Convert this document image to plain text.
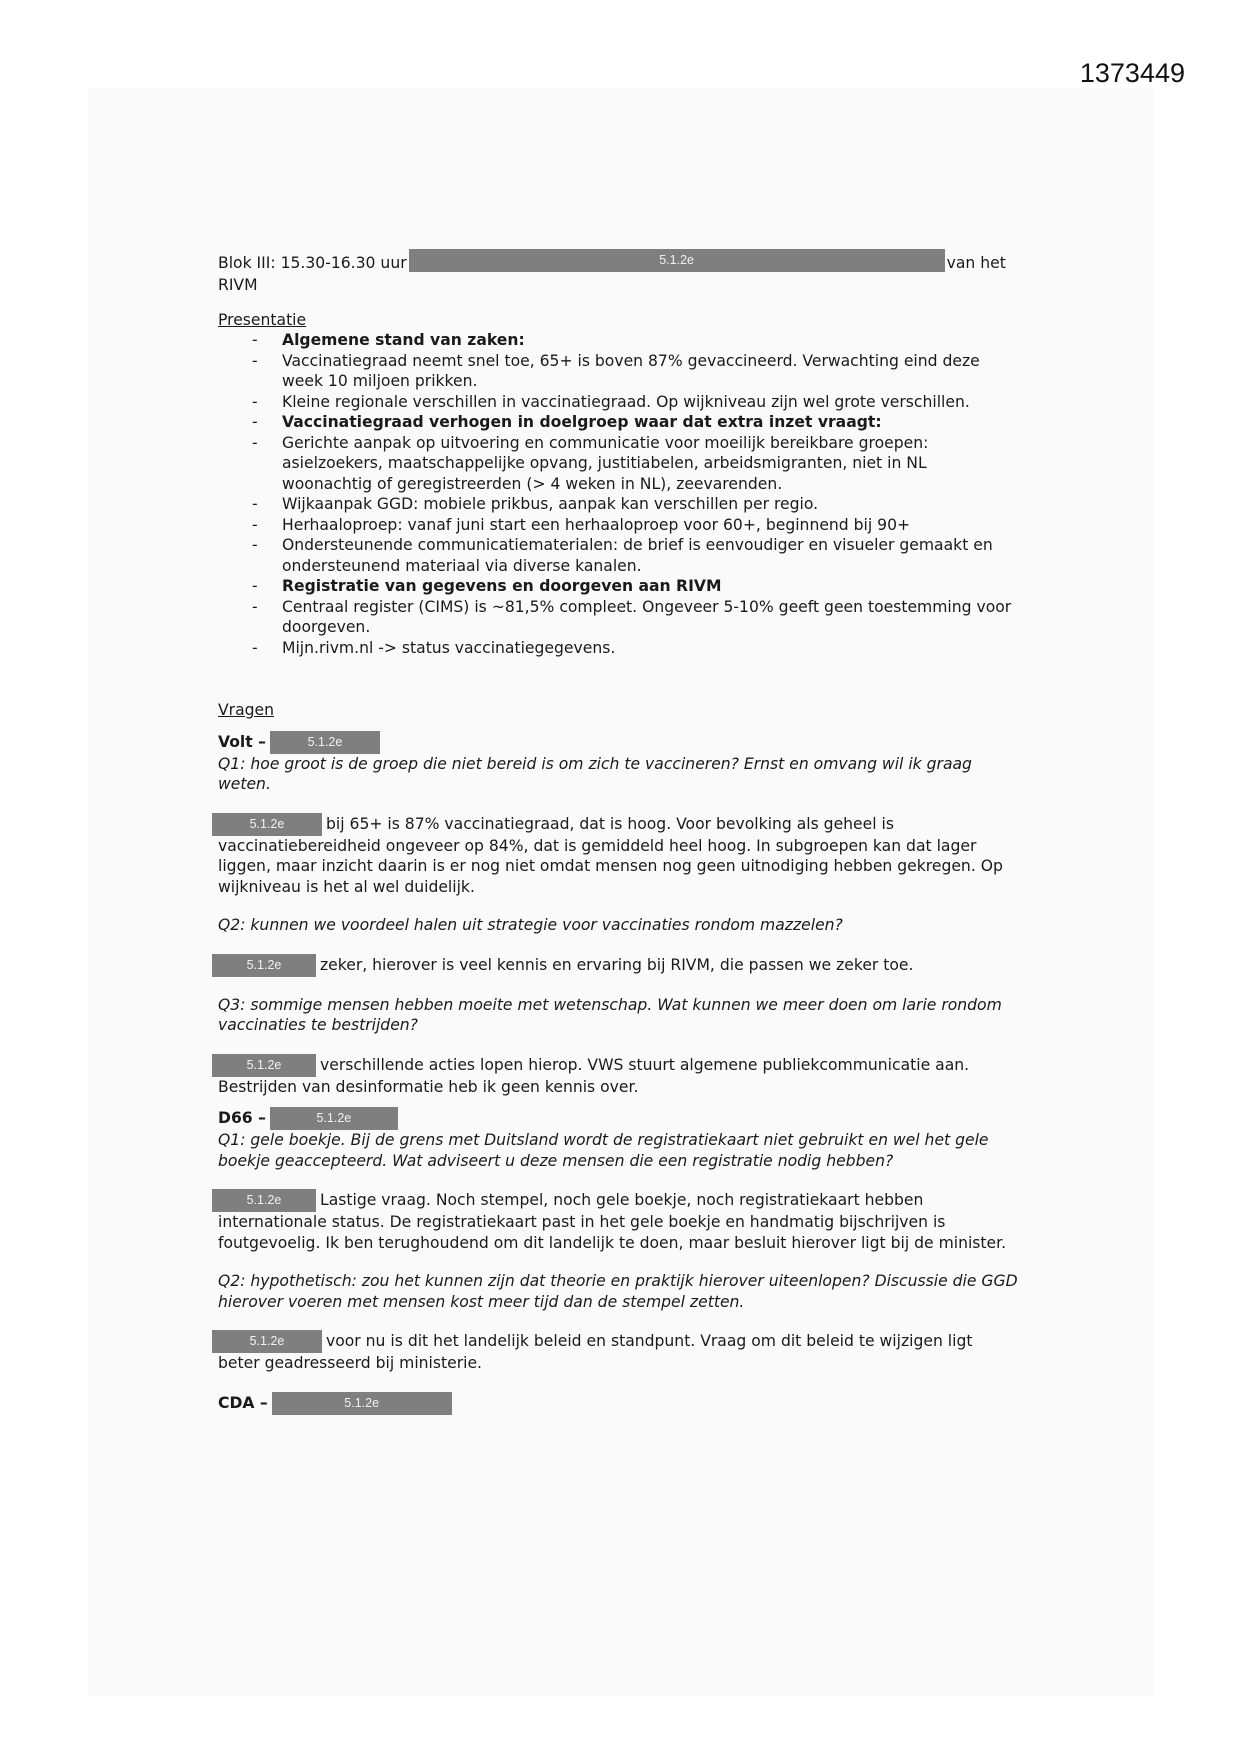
1373449

Blok III: 15.30-16.30 uur	5.1.2e	van het RIVM

Presentatie

- Algemene stand van zaken:
- Vaccinatiegraad neemt snel toe, 65+ is boven 87% gevaccineerd. Verwachting eind deze week 10 miljoen prikken.
- Kleine regionale verschillen in vaccinatiegraad. Op wijkniveau zijn wel grote verschillen.
- Vaccinatiegraad verhogen in doelgroep waar dat extra inzet vraagt:
- Gerichte aanpak op uitvoering en communicatie voor moeilijk bereikbare groepen: asielzoekers, maatschappelijke opvang, justitiabelen, arbeidsmigranten, niet in NL woonachtig of geregistreerden (> 4 weken in NL), zeevarenden.
- Wijkaanpak GGD: mobiele prikbus, aanpak kan verschillen per regio.
- Herhaaloproep: vanaf juni start een herhaaloproep voor 60+, beginnend bij 90+
- Ondersteunende communicatiematerialen: de brief is eenvoudiger en visueler gemaakt en ondersteunend materiaal via diverse kanalen.
- Registratie van gegevens en doorgeven aan RIVM
- Centraal register (CIMS) is ~81,5% compleet. Ongeveer 5-10% geeft geen toestemming voor doorgeven.
- Mijn.rivm.nl -> status vaccinatiegegevens.

Vragen

Volt –	5.1.2e

Q1: hoe groot is de groep die niet bereid is om zich te vaccineren? Ernst en omvang wil ik graag weten.

5.1.2e	bij 65+ is 87% vaccinatiegraad, dat is hoog. Voor bevolking als geheel is vaccinatiebereidheid ongeveer op 84%, dat is gemiddeld heel hoog. In subgroepen kan dat lager liggen, maar inzicht daarin is er nog niet omdat mensen nog geen uitnodiging hebben gekregen. Op wijkniveau is het al wel duidelijk.

Q2: kunnen we voordeel halen uit strategie voor vaccinaties rondom mazzelen?

5.1.2e zeker, hierover is veel kennis en ervaring bij RIVM, die passen we zeker toe.

Q3: sommige mensen hebben moeite met wetenschap. Wat kunnen we meer doen om larie rondom vaccinaties te bestrijden?

5.1.2e verschillende acties lopen hierop. VWS stuurt algemene publiekcommunicatie aan. Bestrijden van desinformatie heb ik geen kennis over.

D66 –	5.1.2e

Q1: gele boekje. Bij de grens met Duitsland wordt de registratiekaart niet gebruikt en wel het gele boekje geaccepteerd. Wat adviseert u deze mensen die een registratie nodig hebben?

5.1.2e Lastige vraag. Noch stempel, noch gele boekje, noch registratiekaart hebben internationale status. De registratiekaart past in het gele boekje en handmatig bijschrijven is foutgevoelig. Ik ben terughoudend om dit landelijk te doen, maar besluit hierover ligt bij de minister.

Q2: hypothetisch: zou het kunnen zijn dat theorie en praktijk hierover uiteenlopen? Discussie die GGD hierover voeren met mensen kost meer tijd dan de stempel zetten.

5.1.2e	voor nu is dit het landelijk beleid en standpunt. Vraag om dit beleid te wijzigen ligt beter geadresseerd bij ministerie.

CDA –	5.1.2e
